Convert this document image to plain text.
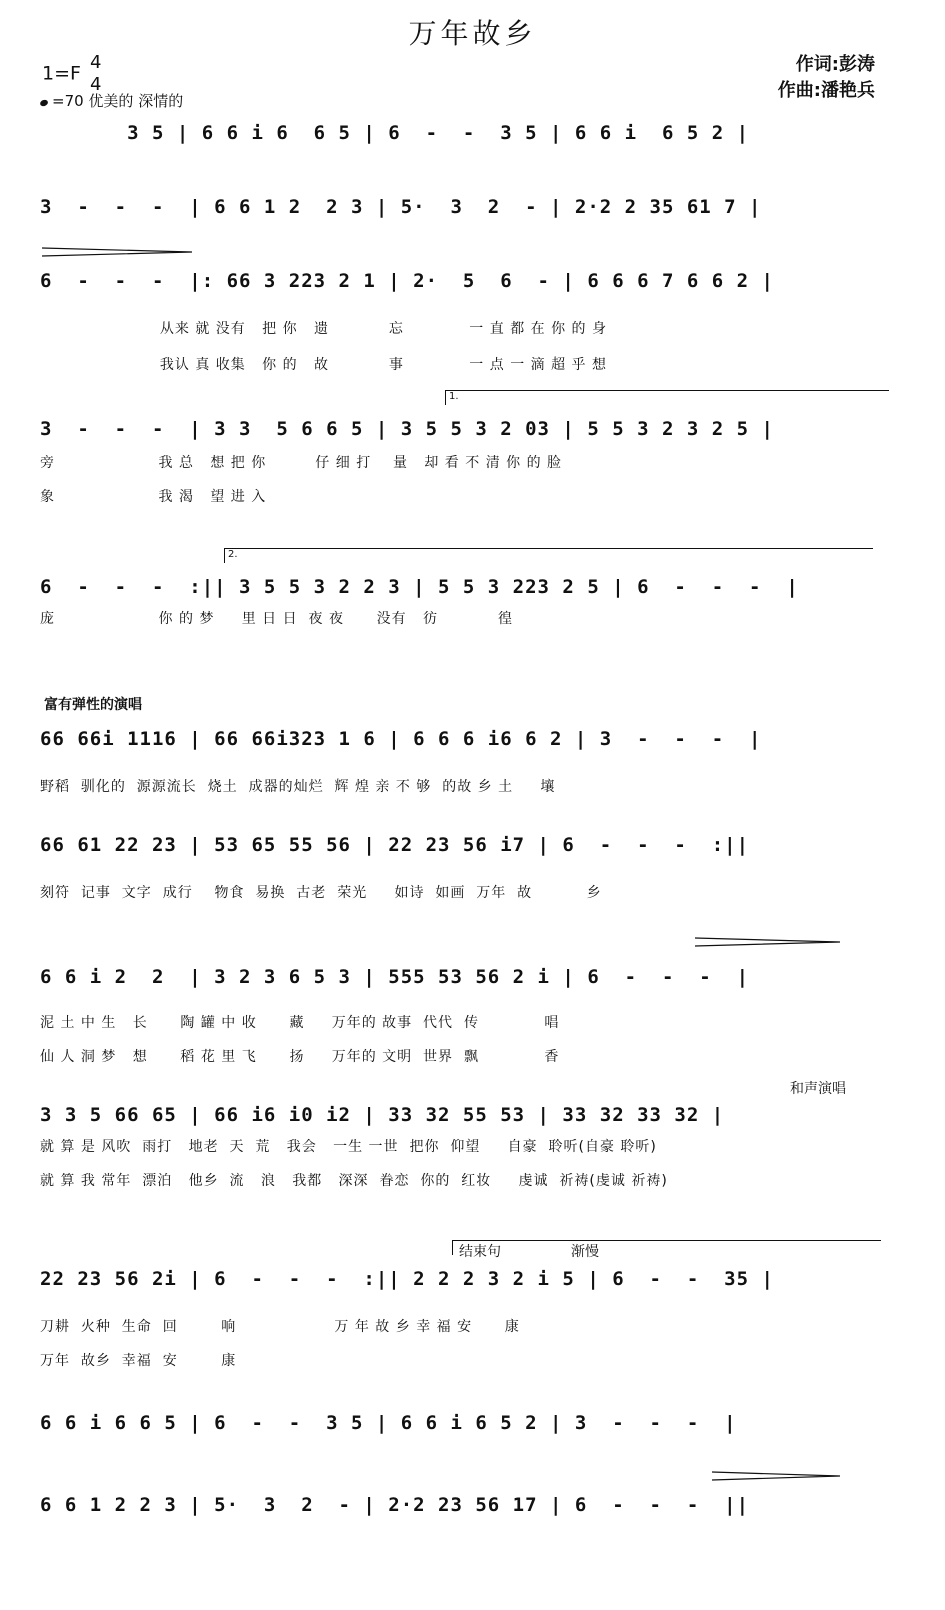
万年故乡
作词:彭涛
作曲:潘艳兵
1=F 4
4
=70 优美的 深情的
3 5 | 6 6 i 6  6 5 | 6  -  -  3 5 | 6 6 i  6 5 2 |
3  -  -  -  | 6 6 1 2  2 3 | 5·  3  2  - | 2·2 2 35 61 7 |
6  -  -  -  |: 66 3 223 2 1 | 2·  5  6  - | 6 6 6 7 6 6 2 |
从来 就 没有   把 你   遗           忘            一 直 都 在 你 的 身
我认 真 收集   你 的   故           事            一 点 一 滴 超 乎 想
1.
3  -  -  -  | 3 3  5 6 6 5 | 3 5 5 3 2 03 | 5 5 3 2 3 2 5 |
旁                   我 总   想 把 你         仔 细 打    量   却 看 不 清 你 的 脸
象                   我 渴   望 进 入
2.
6  -  -  -  :|| 3 5 5 3 2 2 3 | 5 5 3 223 2 5 | 6  -  -  -  |
庞                   你 的 梦     里 日 日  夜 夜      没有   彷           徨
富有弹性的演唱
66 66i 1116 | 66 66i323 1 6 | 6 6 6 i6 6 2 | 3  -  -  -  |
野稻  驯化的  源源流长  烧土  成器的灿烂  辉 煌 亲 不 够  的故 乡 土     壤
66 61 22 23 | 53 65 55 56 | 22 23 56 i7 | 6  -  -  -  :||
刻符  记事  文字  成行    物食  易换  古老  荣光     如诗  如画  万年  故          乡
6 6 i 2  2  | 3 2 3 6 5 3 | 555 53 56 2 i | 6  -  -  -  |
泥 土 中 生   长      陶 罐 中 收      藏     万年的 故事  代代  传            唱
仙 人 洞 梦   想      稻 花 里 飞      扬     万年的 文明  世界  飘            香
和声演唱
3 3 5 66 65 | 66 i6 i0 i2 | 33 32 55 53 | 33 32 33 32 |
就 算 是 风吹  雨打   地老  天  荒   我会   一生 一世  把你  仰望     自豪  聆听(自豪 聆听)
就 算 我 常年  漂泊   他乡  流   浪   我都   深深  眷恋  你的  红妆     虔诚  祈祷(虔诚 祈祷)
结束句	渐慢
22 23 56 2i | 6  -  -  -  :|| 2 2 2 3 2 i 5 | 6  -  -  35 |
刀耕  火种  生命  回        响                  万 年 故 乡 幸 福 安      康
万年  故乡  幸福  安        康
6 6 i 6 6 5 | 6  -  -  3 5 | 6 6 i 6 5 2 | 3  -  -  -  |
6 6 1 2 2 3 | 5·  3  2  - | 2·2 23 56 17 | 6  -  -  -  ||
